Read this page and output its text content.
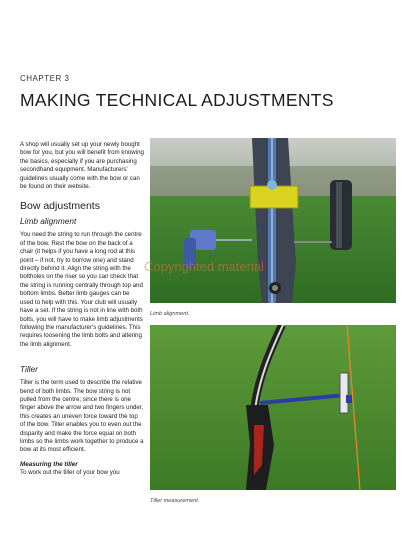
CHAPTER 3
MAKING TECHNICAL ADJUSTMENTS

A shop will usually set up your newly bought bow for you, but you will benefit from knowing the basics, especially if you are purchasing secondhand equipment. Manufacturers' guidelines usually come with the bow or can be found on their website.

Bow adjustments

Limb alignment

You need the string to run through the centre of the bow. Rest the bow on the back of a chair (it helps if you have a long rod at this point – if not, try to borrow one) and stand directly behind it. Align the string with the boltholes on the riser so you can check that the string is running centrally through top and bottom limbs. Better limb gauges can be used to help with this. Your club will usually have a set. If the string is not in line with both bolts, you will have to make limb adjustments following the manufacturer's guidelines. This requires loosening the limb bolts and altering the limb alignment.

Tiller

Tiller is the term used to describe the relative bend of both limbs. The bow string is not pulled from the centre; since there is one finger above the arrow and two fingers under, this creates an uneven force toward the top of the bow. Tiller enables you to even out the disparity and make the force equal on both limbs so the limbs work together to produce a bow at its most efficient.

Measuring the tiller

To work out the tiller of your bow you

Limb alignment.
Tiller measurement.
Copyrighted material
